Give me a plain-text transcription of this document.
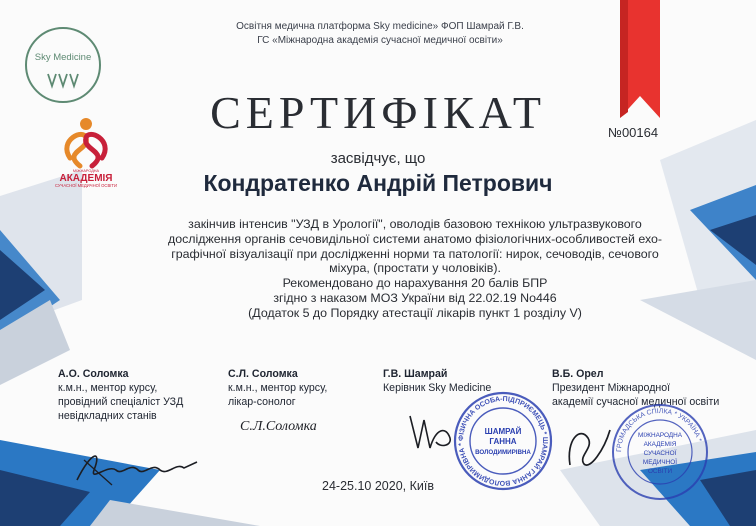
Освітня медична платформа Sky medicine» ФОП Шамрай Г.В.
ГС «Міжнародна академія сучасної медичної освіти»
Sky Medicine
МІЖНАРОДНА
АКАДЕМІЯ
СУЧАСНОЇ МЕДИЧНОЇ ОСВІТИ
СЕРТИФІКАТ	№00164
засвідчує, що
Кондратенко Андрій Петрович
закінчив інтенсив "УЗД в Урології", оволодів базовою технікою ультразвукового
дослідження органів сечовидільної системи анатомо фізіологічних-особливостей ехо-
графічної візуалізації при дослідженні норми та патології: нирок, сечоводів, сечового
міхура, (простати у чоловіків).
Рекомендовано до нарахування 20 балів БПР
згідно з наказом МОЗ України від 22.02.19 No446
(Додаток 5 до Порядку атестації лікарів пункт 1 розділу V)
А.О. Соломка
к.м.н., ментор курсу,
провідний спеціаліст УЗД
невідкладних станів
С.Л. Соломка
к.м.н., ментор курсу,
лікар-сонолог
Г.В. Шамрай
Керівник Sky Medicine
В.Б. Орел
Президент Міжнародної
академії сучасної медичної освіти
С.Л.Соломка
ФІЗИЧНА ОСОБА-ПІДПРИЄМЕЦЬ * ШАМРАЙ ГАННА ВОЛОДИМИРІВНА *
ШАМРАЙ
ГАННА
ВОЛОДИМИРІВНА	ГРОМАДСЬКА СПІЛКА * УКРАЇНА *
МІЖНАРОДНА
АКАДЕМІЯ
СУЧАСНОЇ
МЕДИЧНОЇ
ОСВІТИ
24-25.10 2020, Київ
